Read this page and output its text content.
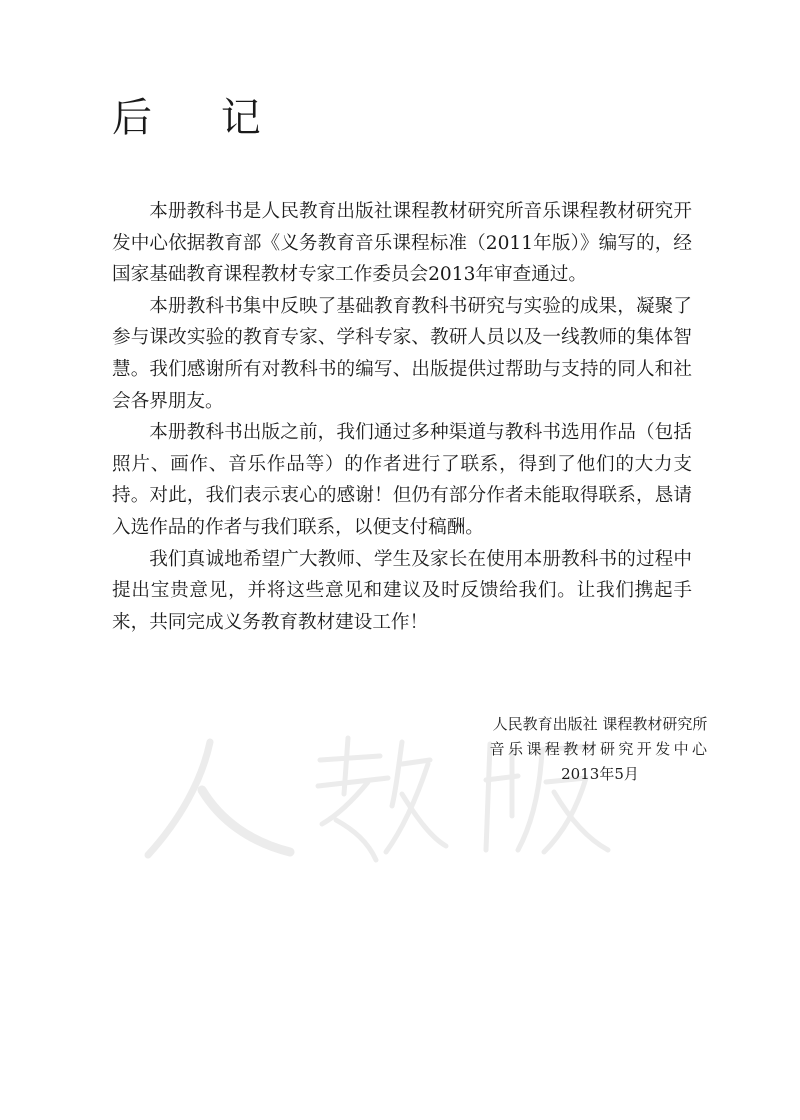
后 记

本册教科书是人民教育出版社课程教材研究所音乐课程教材研究开发中心依据教育部《义务教育音乐课程标准（2011年版）》编写的，经国家基础教育课程教材专家工作委员会2013年审查通过。

本册教科书集中反映了基础教育教科书研究与实验的成果，凝聚了参与课改实验的教育专家、学科专家、教研人员以及一线教师的集体智慧。我们感谢所有对教科书的编写、出版提供过帮助与支持的同人和社会各界朋友。

本册教科书出版之前，我们通过多种渠道与教科书选用作品（包括照片、画作、音乐作品等）的作者进行了联系，得到了他们的大力支持。对此，我们表示衷心的感谢！但仍有部分作者未能取得联系，恳请入选作品的作者与我们联系，以便支付稿酬。

我们真诚地希望广大教师、学生及家长在使用本册教科书的过程中提出宝贵意见，并将这些意见和建议及时反馈给我们。让我们携起手来，共同完成义务教育教材建设工作！

人民教育出版社 课程教材研究所
音乐课程教材研究开发中心
2013年5月
